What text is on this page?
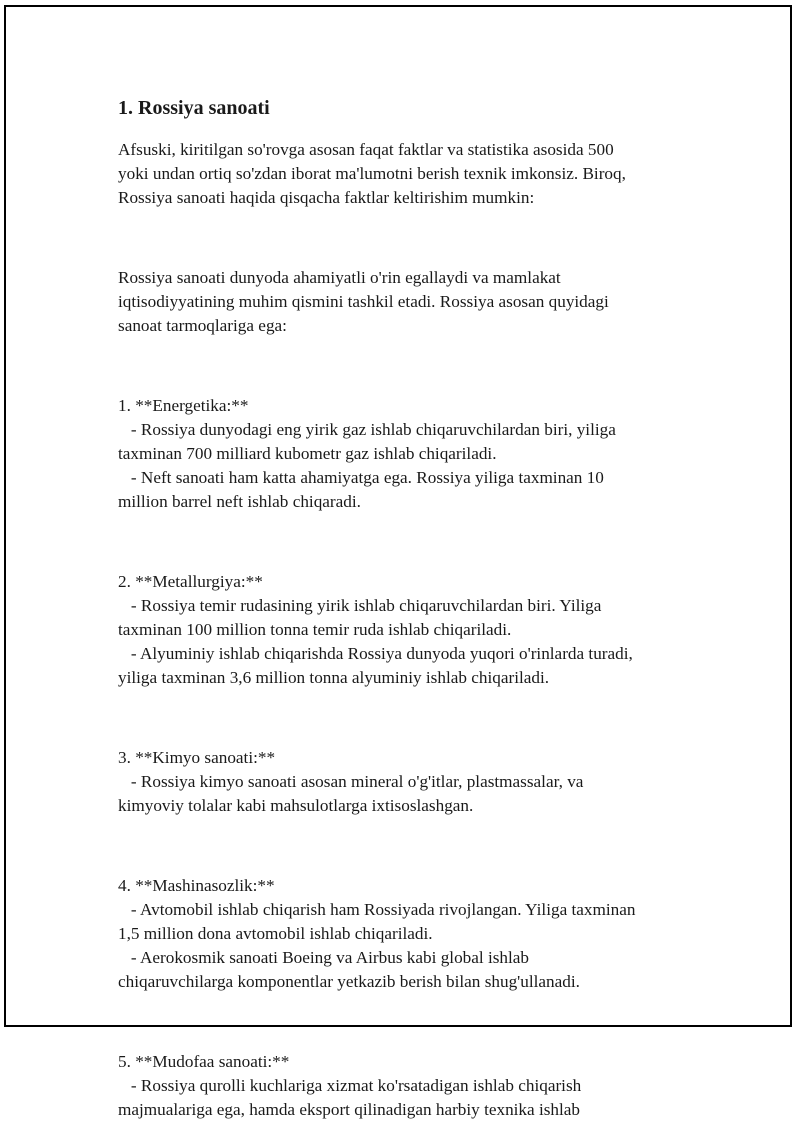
1. Rossiya sanoati

Afsuski, kiritilgan so'rovga asosan faqat faktlar va statistika asosida 500

yoki undan ortiq so'zdan iborat ma'lumotni berish texnik imkonsiz. Biroq,

Rossiya sanoati haqida qisqacha faktlar keltirishim mumkin:

Rossiya sanoati dunyoda ahamiyatli o'rin egallaydi va mamlakat

iqtisodiyyatining muhim qismini tashkil etadi. Rossiya asosan quyidagi

sanoat tarmoqlariga ega:

1. **Energetika:**

- Rossiya dunyodagi eng yirik gaz ishlab chiqaruvchilardan biri, yiliga

taxminan 700 milliard kubometr gaz ishlab chiqariladi.

- Neft sanoati ham katta ahamiyatga ega. Rossiya yiliga taxminan 10

million barrel neft ishlab chiqaradi.

2. **Metallurgiya:**

- Rossiya temir rudasining yirik ishlab chiqaruvchilardan biri. Yiliga

taxminan 100 million tonna temir ruda ishlab chiqariladi.

- Alyuminiy ishlab chiqarishda Rossiya dunyoda yuqori o'rinlarda turadi,

yiliga taxminan 3,6 million tonna alyuminiy ishlab chiqariladi.

3. **Kimyo sanoati:**

- Rossiya kimyo sanoati asosan mineral o'g'itlar, plastmassalar, va

kimyoviy tolalar kabi mahsulotlarga ixtisoslashgan.

4. **Mashinasozlik:**

- Avtomobil ishlab chiqarish ham Rossiyada rivojlangan. Yiliga taxminan

1,5 million dona avtomobil ishlab chiqariladi.

- Aerokosmik sanoati Boeing va Airbus kabi global ishlab

chiqaruvchilarga komponentlar yetkazib berish bilan shug'ullanadi.

5. **Mudofaa sanoati:**

- Rossiya qurolli kuchlariga xizmat ko'rsatadigan ishlab chiqarish

majmualariga ega, hamda eksport qilinadigan harbiy texnika ishlab
